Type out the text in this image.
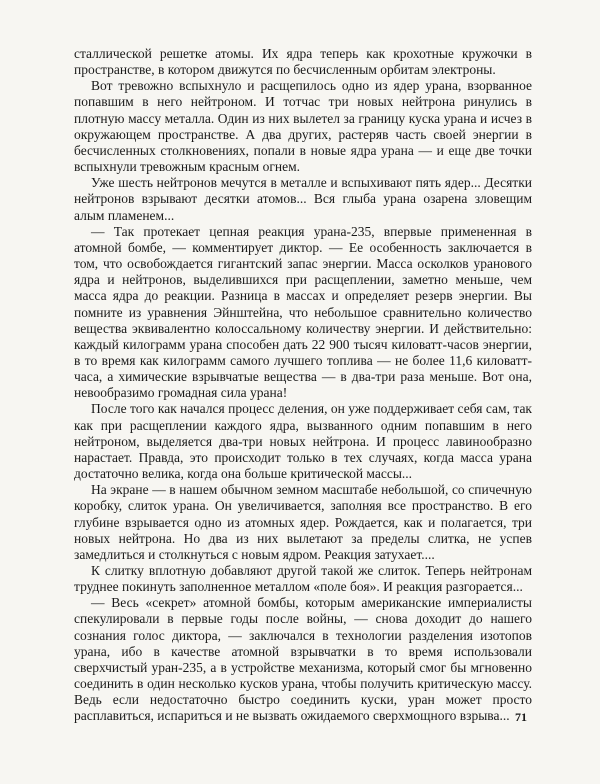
сталлической решетке атомы. Их ядра теперь как крохотные кружочки в пространстве, в котором движутся по бесчисленным орбитам электроны.

Вот тревожно вспыхнуло и расщепилось одно из ядер урана, взорванное попавшим в него нейтроном. И тотчас три новых нейтрона ринулись в плотную массу металла. Один из них вылетел за границу куска урана и исчез в окружающем пространстве. А два других, растеряв часть своей энергии в бесчисленных столкновениях, попали в новые ядра урана — и еще две точки вспыхнули тревожным красным огнем.

Уже шесть нейтронов мечутся в металле и вспыхивают пять ядер... Десятки нейтронов взрывают десятки атомов... Вся глыба урана озарена зловещим алым пламенем...

— Так протекает цепная реакция урана-235, впервые примененная в атомной бомбе, — комментирует диктор. — Ее особенность заключается в том, что освобождается гигантский запас энергии. Масса осколков уранового ядра и нейтронов, выделившихся при расщеплении, заметно меньше, чем масса ядра до реакции. Разница в массах и определяет резерв энергии. Вы помните из уравнения Эйнштейна, что небольшое сравнительно количество вещества эквивалентно колоссальному количеству энергии. И действительно: каждый килограмм урана способен дать 22 900 тысяч киловатт-часов энергии, в то время как килограмм самого лучшего топлива — не более 11,6 киловатт-часа, а химические взрывчатые вещества — в два-три раза меньше. Вот она, невообразимо громадная сила урана!

После того как начался процесс деления, он уже поддерживает себя сам, так как при расщеплении каждого ядра, вызванного одним попавшим в него нейтроном, выделяется два-три новых нейтрона. И процесс лавинообразно нарастает. Правда, это происходит только в тех случаях, когда масса урана достаточно велика, когда она больше критической массы...

На экране — в нашем обычном земном масштабе небольшой, со спичечную коробку, слиток урана. Он увеличивается, заполняя все пространство. В его глубине взрывается одно из атомных ядер. Рождается, как и полагается, три новых нейтрона. Но два из них вылетают за пределы слитка, не успев замедлиться и столкнуться с новым ядром. Реакция затухает....

К слитку вплотную добавляют другой такой же слиток. Теперь нейтронам труднее покинуть заполненное металлом «поле боя». И реакция разгорается...

— Весь «секрет» атомной бомбы, которым американские империалисты спекулировали в первые годы после войны, — снова доходит до нашего сознания голос диктора, — заключался в технологии разделения изотопов урана, ибо в качестве атомной взрывчатки в то время использовали сверхчистый уран-235, а в устройстве механизма, который смог бы мгновенно соединить в один несколько кусков урана, чтобы получить критическую массу. Ведь если недостаточно быстро соединить куски, уран может просто расплавиться, испариться и не вызвать ожидаемого сверхмощного взрыва... 71
